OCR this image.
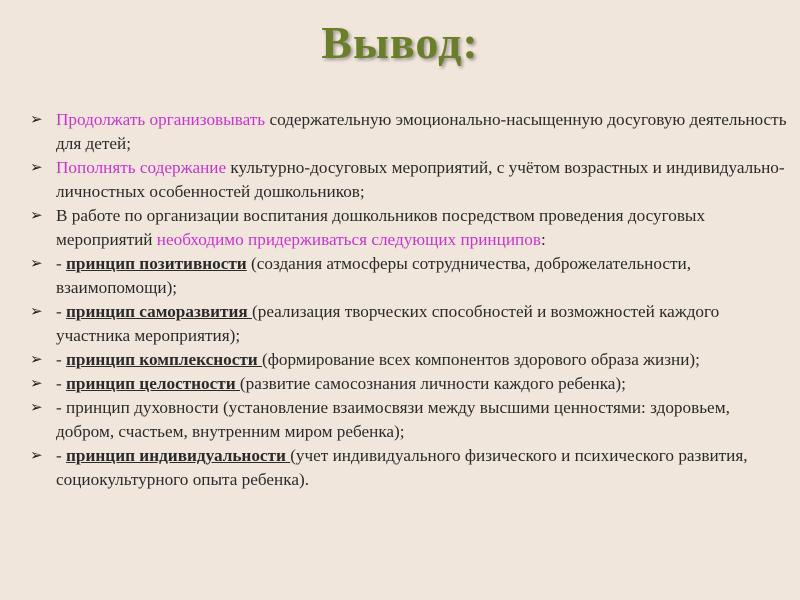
Вывод:
➢ Продолжать организовывать содержательную эмоционально-насыщенную досуговую деятельность для детей;
➢ Пополнять содержание культурно-досуговых мероприятий, с учётом возрастных и индивидуально-личностных особенностей дошкольников;
➢ В работе по организации воспитания дошкольников посредством проведения досуговых мероприятий необходимо придерживаться следующих принципов:
➢ - принцип позитивности (создания атмосферы сотрудничества, доброжелательности, взаимопомощи);
➢ - принцип саморазвития (реализация творческих способностей и возможностей каждого участника мероприятия);
➢ - принцип комплексности (формирование всех компонентов здорового образа жизни);
➢ - принцип целостности (развитие самосознания личности каждого ребенка);
➢ - принцип духовности (установление взаимосвязи между высшими ценностями: здоровьем, добром, счастьем, внутренним миром ребенка);
➢ - принцип индивидуальности (учет индивидуального физического и психического развития, социокультурного опыта ребенка).
